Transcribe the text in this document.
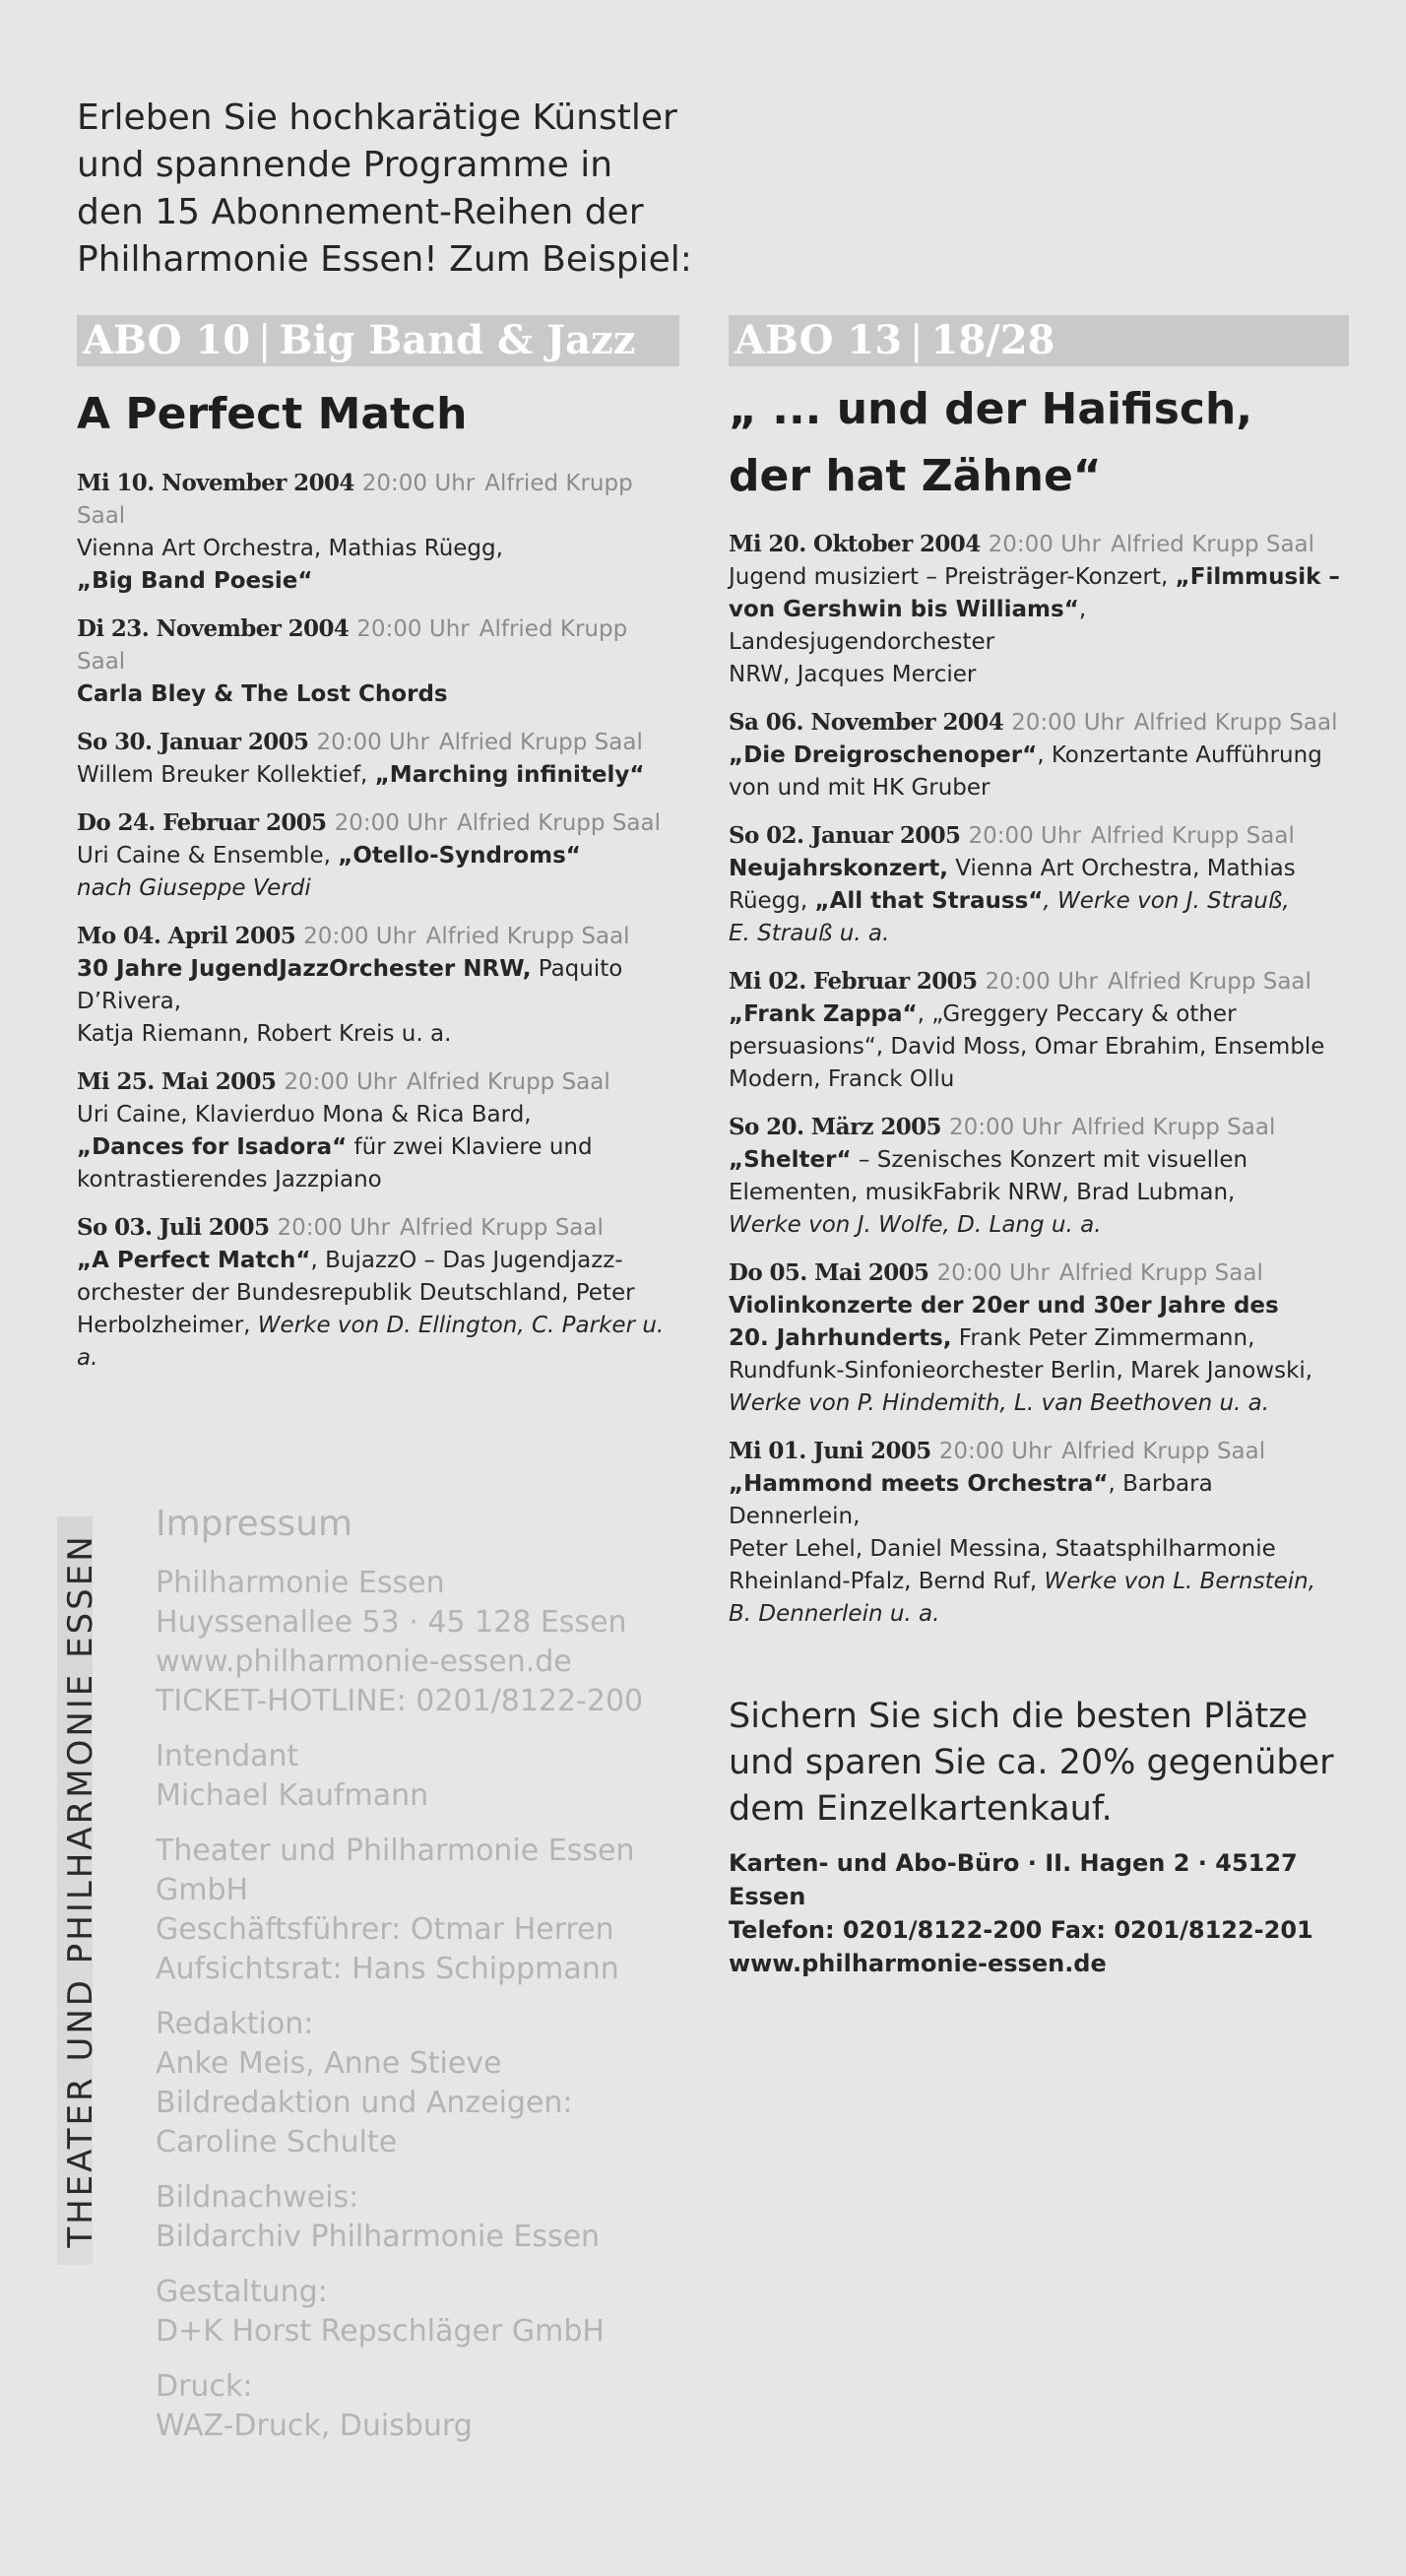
Erleben Sie hochkarätige Künstler
und spannende Programme in
den 15 Abonnement-Reihen der
Philharmonie Essen! Zum Beispiel:

ABO 10 | Big Band & Jazz
A Perfect Match

Mi 10. November 2004 20:00 Uhr Alfried Krupp Saal

Vienna Art Orchestra, Mathias Rüegg,

„Big Band Poesie“

Di 23. November 2004 20:00 Uhr Alfried Krupp Saal

Carla Bley & The Lost Chords

So 30. Januar 2005 20:00 Uhr Alfried Krupp Saal

Willem Breuker Kollektief, „Marching infinitely“

Do 24. Februar 2005 20:00 Uhr Alfried Krupp Saal

Uri Caine & Ensemble, „Otello-Syndroms“

nach Giuseppe Verdi

Mo 04. April 2005 20:00 Uhr Alfried Krupp Saal

30 Jahre JugendJazzOrchester NRW, Paquito D’Rivera,

Katja Riemann, Robert Kreis u. a.

Mi 25. Mai 2005 20:00 Uhr Alfried Krupp Saal

Uri Caine, Klavierduo Mona & Rica Bard,

„Dances for Isadora“ für zwei Klaviere und

kontrastierendes Jazzpiano

So 03. Juli 2005 20:00 Uhr Alfried Krupp Saal

„A Perfect Match“, BujazzO – Das Jugendjazz-

orchester der Bundesrepublik Deutschland, Peter

Herbolzheimer, Werke von D. Ellington, C. Parker u. a.

ABO 13 | 18/28
„ ... und der Haifisch,
der hat Zähne“

Mi 20. Oktober 2004 20:00 Uhr Alfried Krupp Saal

Jugend musiziert – Preisträger-Konzert, „Filmmusik –

von Gershwin bis Williams“, Landesjugendorchester

NRW, Jacques Mercier

Sa 06. November 2004 20:00 Uhr Alfried Krupp Saal

„Die Dreigroschenoper“, Konzertante Aufführung

von und mit HK Gruber

So 02. Januar 2005 20:00 Uhr Alfried Krupp Saal

Neujahrskonzert, Vienna Art Orchestra, Mathias

Rüegg, „All that Strauss“, Werke von J. Strauß,

E. Strauß u. a.

Mi 02. Februar 2005 20:00 Uhr Alfried Krupp Saal

„Frank Zappa“, „Greggery Peccary & other

persuasions“, David Moss, Omar Ebrahim, Ensemble

Modern, Franck Ollu

So 20. März 2005 20:00 Uhr Alfried Krupp Saal

„Shelter“ – Szenisches Konzert mit visuellen

Elementen, musikFabrik NRW, Brad Lubman,

Werke von J. Wolfe, D. Lang u. a.

Do 05. Mai 2005 20:00 Uhr Alfried Krupp Saal

Violinkonzerte der 20er und 30er Jahre des

20. Jahrhunderts, Frank Peter Zimmermann,

Rundfunk-Sinfonieorchester Berlin, Marek Janowski,

Werke von P. Hindemith, L. van Beethoven u. a.

Mi 01. Juni 2005 20:00 Uhr Alfried Krupp Saal

„Hammond meets Orchestra“, Barbara Dennerlein,

Peter Lehel, Daniel Messina, Staatsphilharmonie

Rheinland-Pfalz, Bernd Ruf, Werke von L. Bernstein,

B. Dennerlein u. a.

THEATER UND PHILHARMONIE ESSEN
Impressum
Philharmonie Essen
Huyssenallee 53 · 45 128 Essen
www.philharmonie-essen.de
TICKET-HOTLINE: 0201/8122-200
Intendant
Michael Kaufmann
Theater und Philharmonie Essen
GmbH
Geschäftsführer: Otmar Herren
Aufsichtsrat: Hans Schippmann
Redaktion:
Anke Meis, Anne Stieve
Bildredaktion und Anzeigen:
Caroline Schulte
Bildnachweis:
Bildarchiv Philharmonie Essen
Gestaltung:
D+K Horst Repschläger GmbH
Druck:
WAZ-Druck, Duisburg
Sichern Sie sich die besten Plätze
und sparen Sie ca. 20% gegenüber
dem Einzelkartenkauf.
Karten- und Abo-Büro · II. Hagen 2 · 45127 Essen
Telefon: 0201/8122-200 Fax: 0201/8122-201
www.philharmonie-essen.de
